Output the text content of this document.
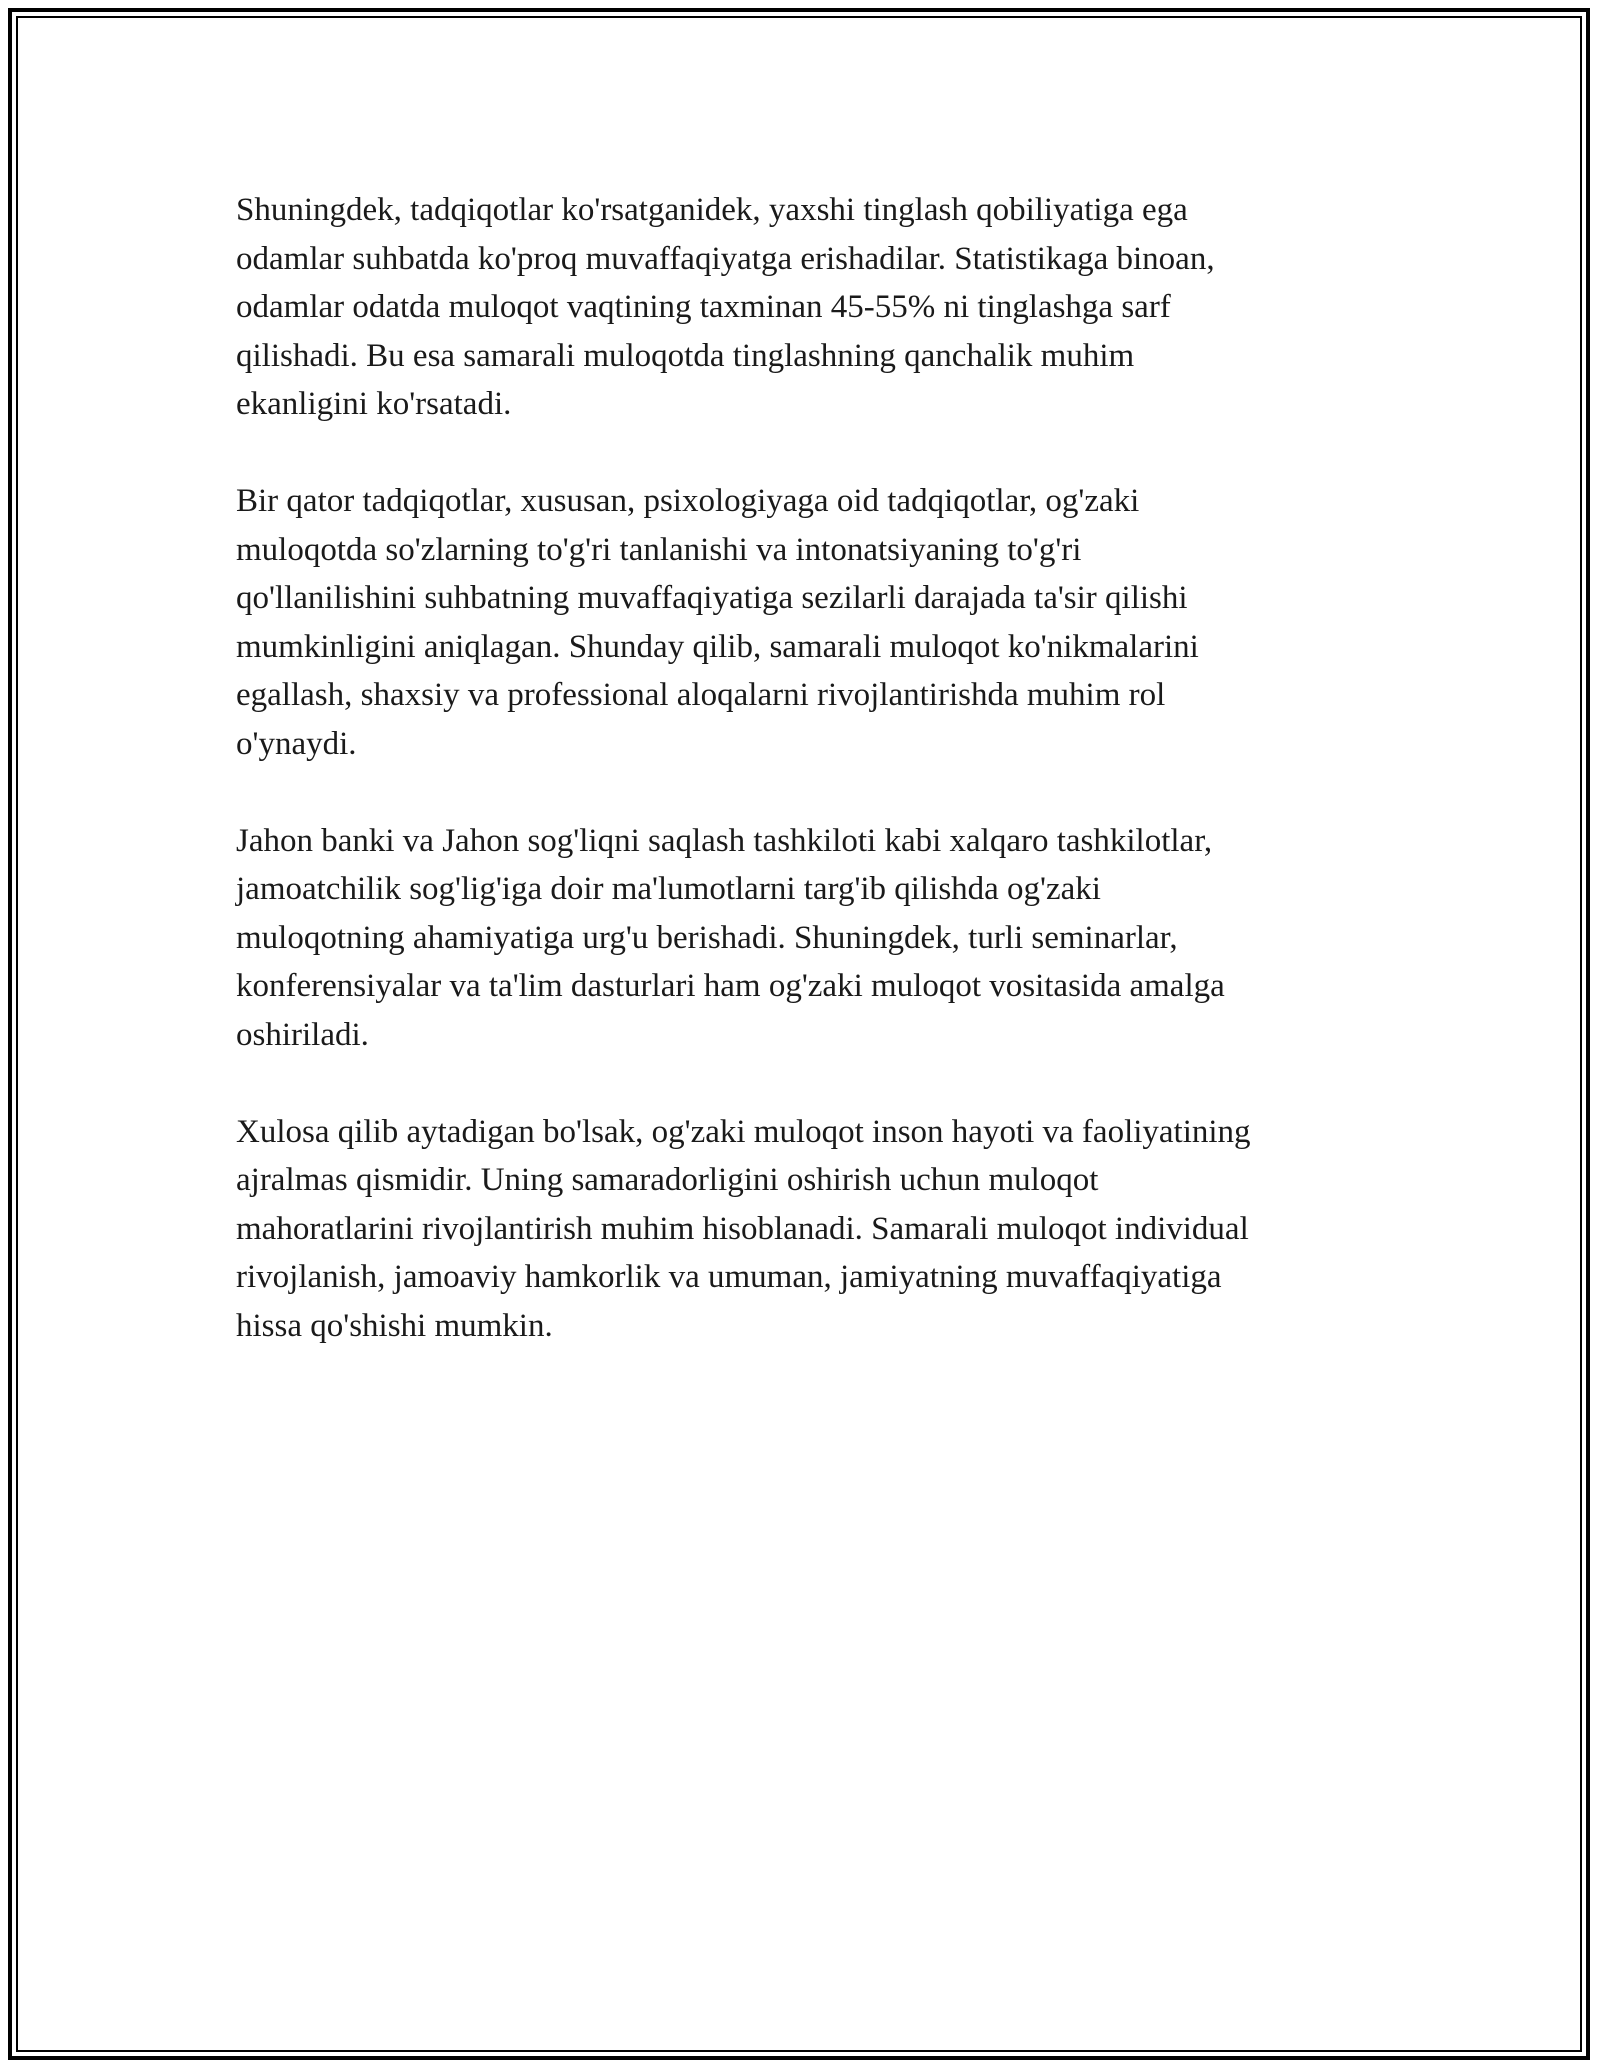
Shuningdek, tadqiqotlar ko'rsatganidek, yaxshi tinglash qobiliyatiga ega
odamlar suhbatda ko'proq muvaffaqiyatga erishadilar. Statistikaga binoan,
odamlar odatda muloqot vaqtining taxminan 45-55% ni tinglashga sarf
qilishadi. Bu esa samarali muloqotda tinglashning qanchalik muhim
ekanligini ko'rsatadi.

Bir qator tadqiqotlar, xususan, psixologiyaga oid tadqiqotlar, og'zaki
muloqotda so'zlarning to'g'ri tanlanishi va intonatsiyaning to'g'ri
qo'llanilishini suhbatning muvaffaqiyatiga sezilarli darajada ta'sir qilishi
mumkinligini aniqlagan. Shunday qilib, samarali muloqot ko'nikmalarini
egallash, shaxsiy va professional aloqalarni rivojlantirishda muhim rol
o'ynaydi.

Jahon banki va Jahon sog'liqni saqlash tashkiloti kabi xalqaro tashkilotlar,
jamoatchilik sog'lig'iga doir ma'lumotlarni targ'ib qilishda og'zaki
muloqotning ahamiyatiga urg'u berishadi. Shuningdek, turli seminarlar,
konferensiyalar va ta'lim dasturlari ham og'zaki muloqot vositasida amalga
oshiriladi.

Xulosa qilib aytadigan bo'lsak, og'zaki muloqot inson hayoti va faoliyatining
ajralmas qismidir. Uning samaradorligini oshirish uchun muloqot
mahoratlarini rivojlantirish muhim hisoblanadi. Samarali muloqot individual
rivojlanish, jamoaviy hamkorlik va umuman, jamiyatning muvaffaqiyatiga
hissa qo'shishi mumkin.
